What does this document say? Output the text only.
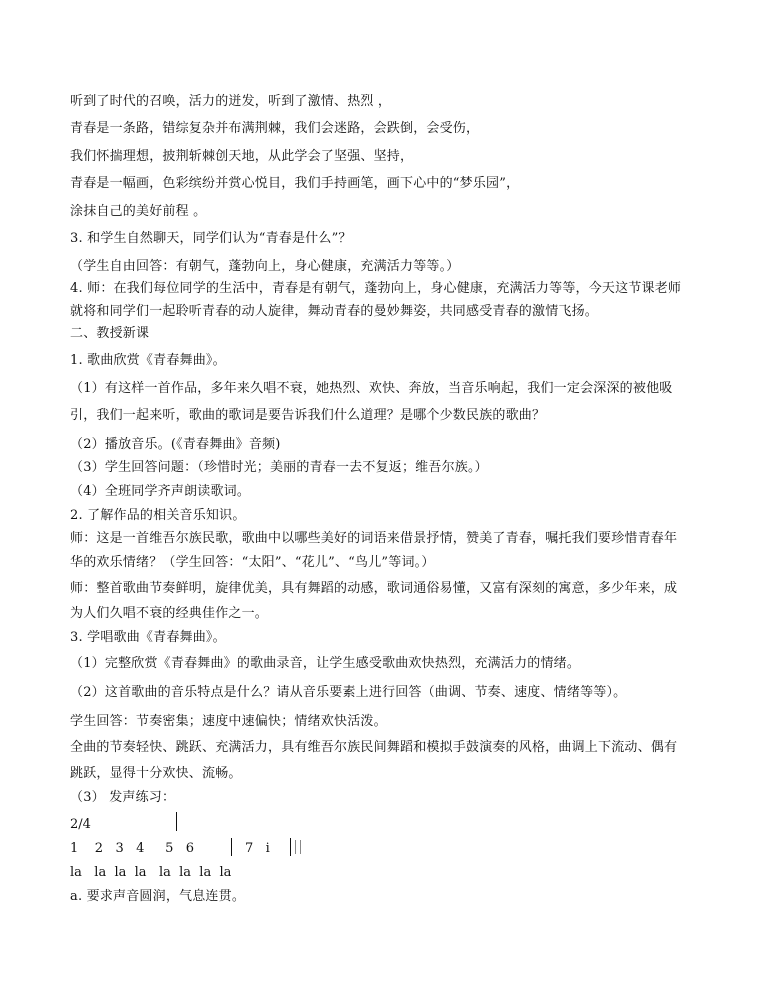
听到了时代的召唤，活力的迸发，听到了激情、热烈 ，
青春是一条路，错综复杂并布满荆棘，我们会迷路，会跌倒，会受伤，
我们怀揣理想，披荆斩棘创天地，从此学会了坚强、坚持，
青春是一幅画，色彩缤纷并赏心悦目，我们手持画笔，画下心中的“梦乐园”，
涂抹自己的美好前程 。
3. 和学生自然聊天，同学们认为“青春是什么”？
（学生自由回答：有朝气，蓬勃向上，身心健康，充满活力等等。）
4. 师：在我们每位同学的生活中，青春是有朝气，蓬勃向上，身心健康，充满活力等等，今天这节课老师
就将和同学们一起聆听青春的动人旋律，舞动青春的曼妙舞姿，共同感受青春的激情飞扬。
二、教授新课
1. 歌曲欣赏《青春舞曲》。
（1）有这样一首作品，多年来久唱不衰，她热烈、欢快、奔放，当音乐响起，我们一定会深深的被他吸
引，我们一起来听，歌曲的歌词是要告诉我们什么道理？是哪个少数民族的歌曲？
（2）播放音乐。(《青春舞曲》音频)
（3）学生回答问题：（珍惜时光；美丽的青春一去不复返；维吾尔族。）
（4）全班同学齐声朗读歌词。
2. 了解作品的相关音乐知识。
师：这是一首维吾尔族民歌，歌曲中以哪些美好的词语来借景抒情，赞美了青春，嘱托我们要珍惜青春年
华的欢乐情绪？（学生回答：“太阳”、“花儿”、“鸟儿”等词。）
师：整首歌曲节奏鲜明，旋律优美，具有舞蹈的动感，歌词通俗易懂，又富有深刻的寓意，多少年来，成
为人们久唱不衰的经典佳作之一。
3. 学唱歌曲《青春舞曲》。
（1）完整欣赏《青春舞曲》的歌曲录音，让学生感受歌曲欢快热烈，充满活力的情绪。
（2）这首歌曲的音乐特点是什么？请从音乐要素上进行回答（曲调、节奏、速度、情绪等等）。
学生回答：节奏密集；速度中速偏快；情绪欢快活泼。
全曲的节奏轻快、跳跃、充满活力，具有维吾尔族民间舞蹈和模拟手鼓演奏的风格，曲调上下流动、偶有
跳跃，显得十分欢快、流畅。
（3） 发声练习：
2/4
1    2   3   4     5   6	7   i
la   la  la  la   la  la  la  la
a. 要求声音圆润，气息连贯。
